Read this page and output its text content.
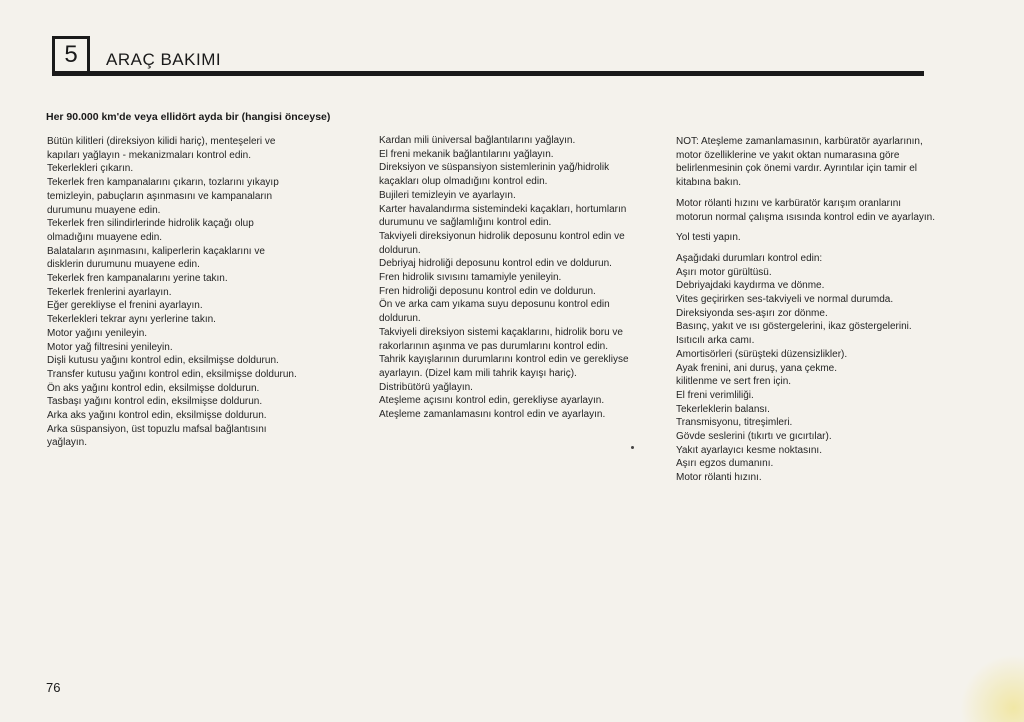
5 ARAÇ BAKIMI
Her 90.000 km'de veya ellidört ayda bir (hangisi önceyse)

Bütün kilitleri (direksiyon kilidi hariç), menteşeleri ve kapıları yağlayın - mekanizmaları kontrol edin.

Tekerlekleri çıkarın.

Tekerlek fren kampanalarını çıkarın, tozlarını yıkayıp temizleyin, pabuçların aşınmasını ve kampanaların durumunu muayene edin.

Tekerlek fren silindirlerinde hidrolik kaçağı olup olmadığını muayene edin.

Balataların aşınmasını, kaliperlerin kaçaklarını ve disklerin durumunu muayene edin.

Tekerlek fren kampanalarını yerine takın.

Tekerlek frenlerini ayarlayın.

Eğer gerekliyse el frenini ayarlayın.

Tekerlekleri tekrar aynı yerlerine takın.

Motor yağını yenileyin.

Motor yağ filtresini yenileyin.

Dişli kutusu yağını kontrol edin, eksilmişse doldurun.

Transfer kutusu yağını kontrol edin, eksilmişse doldurun.

Ön aks yağını kontrol edin, eksilmişse doldurun.

Tasbaşı yağını kontrol edin, eksilmişse doldurun.

Arka aks yağını kontrol edin, eksilmişse doldurun.

Arka süspansiyon, üst topuzlu mafsal bağlantısını yağlayın.

Kardan mili üniversal bağlantılarını yağlayın.

El freni mekanik bağlantılarını yağlayın.

Direksiyon ve süspansiyon sistemlerinin yağ/hidrolik kaçakları olup olmadığını kontrol edin.

Bujileri temizleyin ve ayarlayın.

Karter havalandırma sistemindeki kaçakları, hortumların durumunu ve sağlamlığını kontrol edin.

Takviyeli direksiyonun hidrolik deposunu kontrol edin ve doldurun.

Debriyaj hidroliği deposunu kontrol edin ve doldurun.

Fren hidrolik sıvısını tamamiyle yenileyin.

Fren hidroliği deposunu kontrol edin ve doldurun.

Ön ve arka cam yıkama suyu deposunu kontrol edin doldurun.

Takviyeli direksiyon sistemi kaçaklarını, hidrolik boru ve rakorlarının aşınma ve pas durumlarını kontrol edin.

Tahrik kayışlarının durumlarını kontrol edin ve gerekliyse ayarlayın. (Dizel kam mili tahrik kayışı hariç).

Distribütörü yağlayın.

Ateşleme açısını kontrol edin, gerekliyse ayarlayın.

Ateşleme zamanlamasını kontrol edin ve ayarlayın.

NOT: Ateşleme zamanlamasının, karbüratör ayarlarının, motor özelliklerine ve yakıt oktan numarasına göre belirlenmesinin çok önemi vardır. Ayrıntılar için tamir el kitabına bakın.

Motor rölanti hızını ve karbüratör karışım oranlarını motorun normal çalışma ısısında kontrol edin ve ayarlayın.

Yol testi yapın.

Aşağıdaki durumları kontrol edin:

Aşırı motor gürültüsü.

Debriyajdaki kaydırma ve dönme.

Vites geçirirken ses-takviyeli ve normal durumda.

Direksiyonda ses-aşırı zor dönme.

Basınç, yakıt ve ısı göstergelerini, ikaz göstergelerini.

Isıtıcılı arka camı.

Amortisörleri (sürüşteki düzensizlikler).

Ayak frenini, ani duruş, yana çekme.

kilitlenme ve sert fren için.

El freni verimliliği.

Tekerleklerin balansı.

Transmisyonu, titreşimleri.

Gövde seslerini (tıkırtı ve gıcırtılar).

Yakıt ayarlayıcı kesme noktasını.

Aşırı egzos dumanını.

Motor rölanti hızını.

76
